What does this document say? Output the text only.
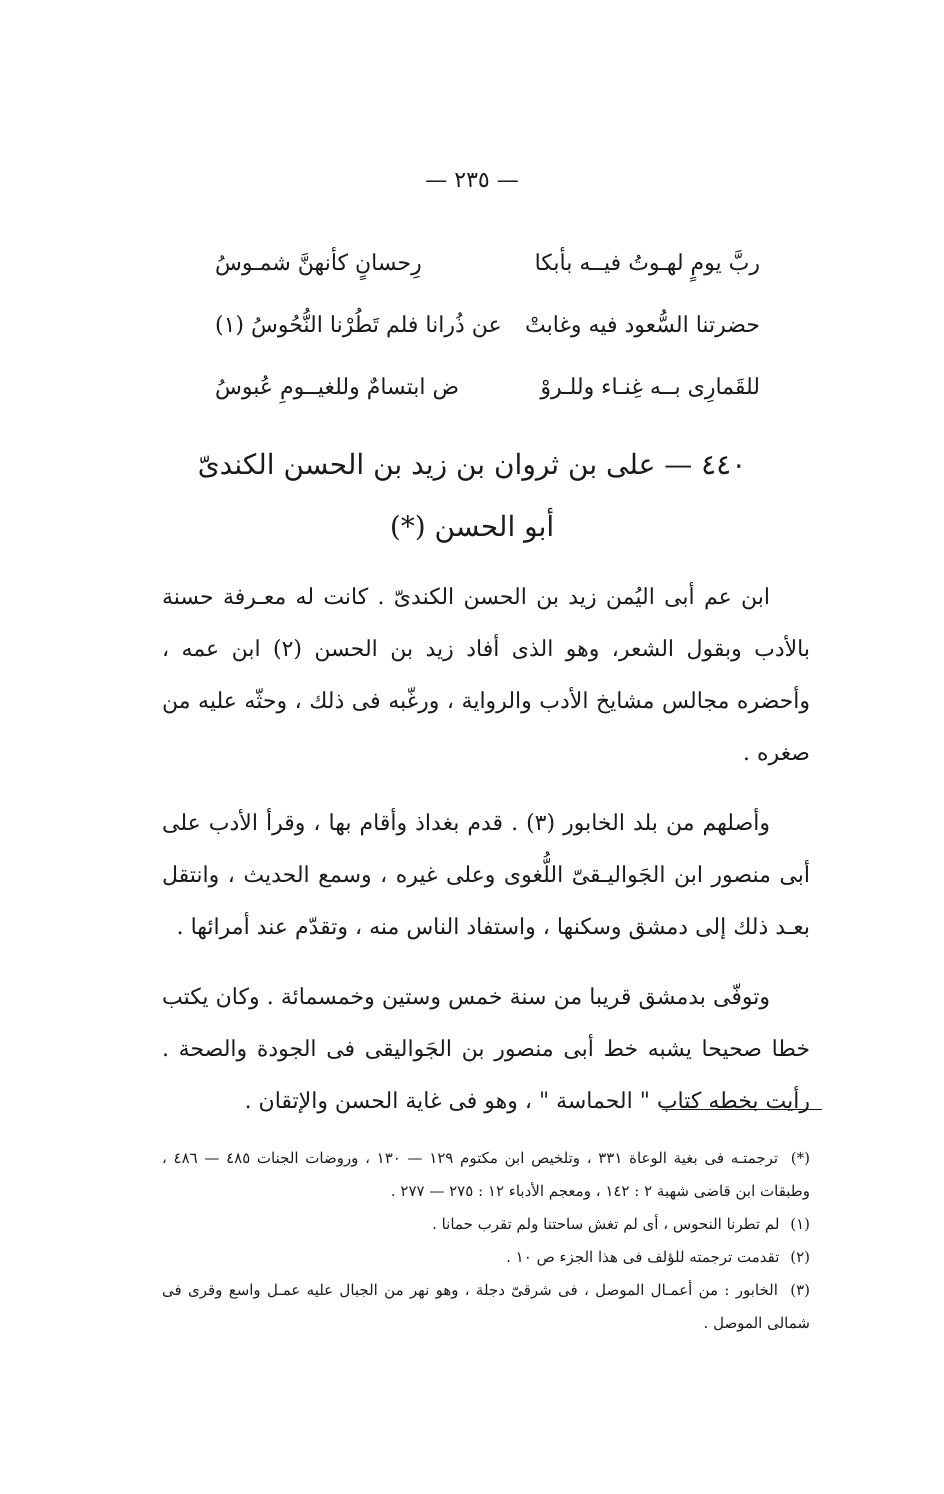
— ٢٣٥ —
ربَّ يومٍ لهـوتُ فيــه بأبكا
رِحسانٍ كأنهنَّ شمـوسُ
حضرتنا السُّعود فيه وغابتْ
عن ذُرانا فلم تَطُرْنا النُّحُوسُ (١)
للقَمارِى بــه غِنـاء وللـروْ
ض ابتسامٌ وللغيــومِ عُبوسُ
٤٤٠ — على بن ثروان بن زيد بن الحسن الكندىّ
أبو الحسن (*)

ابن عم أبى اليُمن زيد بن الحسن الكندىّ . كانت له معـرفة حسنة بالأدب وبقول الشعر، وهو الذى أفاد زيد بن الحسن (٢) ابن عمه ، وأحضره مجالس مشايخ الأدب والرواية ، ورغّبه فى ذلك ، وحثّه عليه من صغره .

وأصلهم من بلد الخابور (٣) . قدم بغداذ وأقام بها ، وقرأ الأدب على أبى منصور ابن الجَواليـقىّ اللُّغوى وعلى غيره ، وسمع الحديث ، وانتقل بعـد ذلك إلى دمشق وسكنها ، واستفاد الناس منه ، وتقدّم عند أمرائها .

وتوفّى بدمشق قريبا من سنة خمس وستين وخمسمائة . وكان يكتب خطا صحيحا يشبه خط أبى منصور بن الجَواليقى فى الجودة والصحة . رأيت بخطه كتاب " الحماسة " ، وهو فى غاية الحسن والإتقان .

(*) ترجمتـه فى بغية الوعاة ٣٣١ ، وتلخيص ابن مكتوم ١٢٩ — ١٣٠ ، وروضات الجنات ٤٨٥ — ٤٨٦ ، وطبقات ابن قاضى شهبة ٢ : ١٤٢ ، ومعجم الأدباء ١٢ : ٢٧٥ — ٢٧٧ .

(١) لم تطرنا النحوس ، أى لم تغش ساحتنا ولم تقرب حمانا .

(٢) تقدمت ترجمته للؤلف فى هذا الجزء ص ١٠ .

(٣) الخابور : من أعمـال الموصل ، فى شرقىّ دجلة ، وهو نهر من الجبال عليه عمـل واسع وقرى فى شمالى الموصل .
